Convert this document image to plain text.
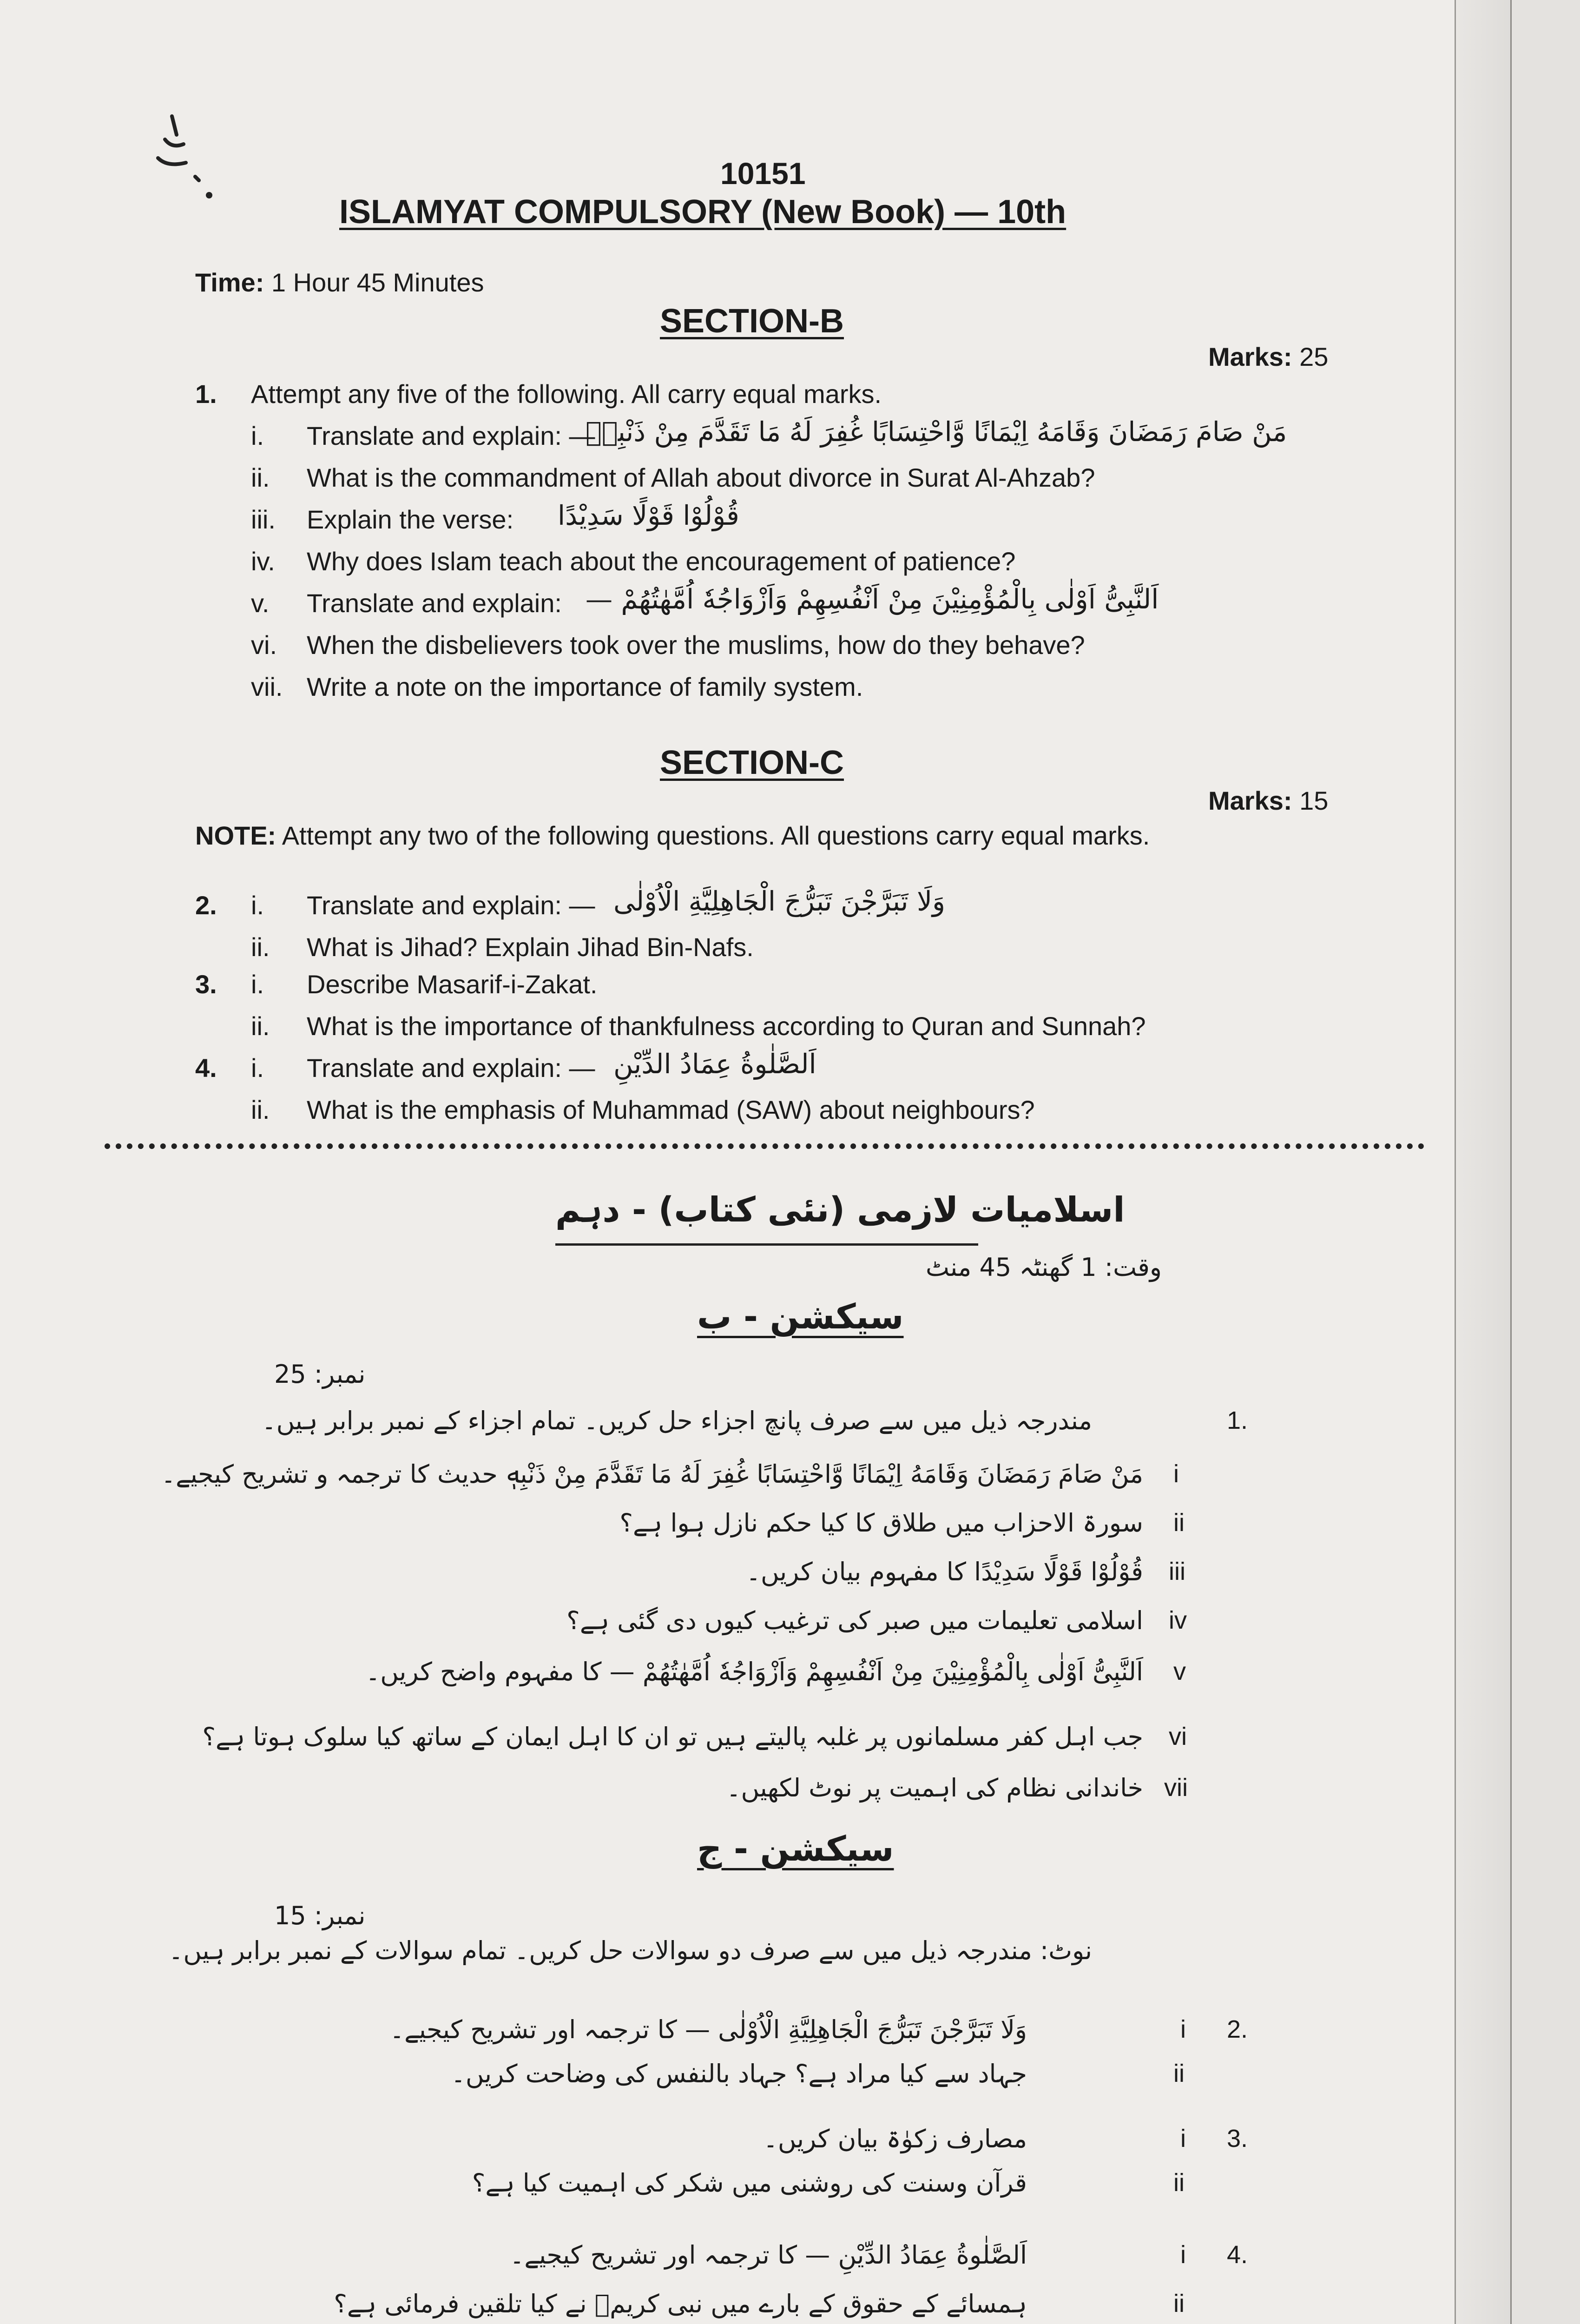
10151
ISLAMYAT COMPULSORY (New Book) — 10th
Time: 1 Hour 45 Minutes
SECTION-B
Marks: 25
1. Attempt any five of the following. All carry equal marks.
i. Translate and explain: —
مَنْ صَامَ رَمَضَانَ وَقَامَهُ اِيْمَانًا وَّاحْتِسَابًا غُفِرَ لَهُ مَا تَقَدَّمَ مِنْ ذَنْبِهٖ
ii. What is the commandment of Allah about divorce in Surat Al-Ahzab?
iii. Explain the verse: قُوْلُوْا قَوْلًا سَدِيْدًا
iv. Why does Islam teach about the encouragement of patience?
v. Translate and explain: اَلنَّبِیُّ اَوْلٰى بِالْمُؤْمِنِيْنَ مِنْ اَنْفُسِهِمْ وَاَزْوَاجُهٗ اُمَّهٰتُهُمْ —
vi. When the disbelievers took over the muslims, how do they behave?
vii. Write a note on the importance of family system.
SECTION-C
Marks: 15
NOTE: Attempt any two of the following questions. All questions carry equal marks.
2. i. Translate and explain: — وَلَا تَبَرَّجْنَ تَبَرُّجَ الْجَاهِلِيَّةِ الْاُوْلٰى
ii. What is Jihad? Explain Jihad Bin-Nafs.
3. i. Describe Masarif-i-Zakat.
ii. What is the importance of thankfulness according to Quran and Sunnah?
4. i. Translate and explain: — اَلصَّلٰوةُ عِمَادُ الدِّيْنِ
ii. What is the emphasis of Muhammad (SAW) about neighbours?
اسلامیات لازمی (نئی کتاب) - دہم
وقت: 1 گھنٹہ 45 منٹ
سیکشن - ب
نمبر: 25
1.
مندرجہ ذیل میں سے صرف پانچ اجزاء حل کریں۔ تمام اجزاء کے نمبر برابر ہیں۔
i
مَنْ صَامَ رَمَضَانَ وَقَامَهُ اِيْمَانًا وَّاحْتِسَابًا غُفِرَ لَهُ مَا تَقَدَّمَ مِنْ ذَنْبِهٖ حدیث کا ترجمہ و تشریح کیجیے۔
ii
سورۃ الاحزاب میں طلاق کا کیا حکم نازل ہوا ہے؟
iii
قُوْلُوْا قَوْلًا سَدِيْدًا کا مفہوم بیان کریں۔
iv
اسلامی تعلیمات میں صبر کی ترغیب کیوں دی گئی ہے؟
v
اَلنَّبِیُّ اَوْلٰى بِالْمُؤْمِنِيْنَ مِنْ اَنْفُسِهِمْ وَاَزْوَاجُهٗ اُمَّهٰتُهُمْ — کا مفہوم واضح کریں۔
vi
جب اہل کفر مسلمانوں پر غلبہ پالیتے ہیں تو ان کا اہل ایمان کے ساتھ کیا سلوک ہوتا ہے؟
vii
خاندانی نظام کی اہمیت پر نوٹ لکھیں۔
سیکشن - ج
نمبر: 15
نوٹ: مندرجہ ذیل میں سے صرف دو سوالات حل کریں۔ تمام سوالات کے نمبر برابر ہیں۔
2.
i
وَلَا تَبَرَّجْنَ تَبَرُّجَ الْجَاهِلِيَّةِ الْاُوْلٰى — کا ترجمہ اور تشریح کیجیے۔
ii
جہاد سے کیا مراد ہے؟ جہاد بالنفس کی وضاحت کریں۔
3.
i
مصارف زکوٰۃ بیان کریں۔
ii
قرآن وسنت کی روشنی میں شکر کی اہمیت کیا ہے؟
4.
i
اَلصَّلٰوةُ عِمَادُ الدِّيْنِ — کا ترجمہ اور تشریح کیجیے۔
ii
ہمسائے کے حقوق کے بارے میں نبی کریمؐ نے کیا تلقین فرمائی ہے؟
